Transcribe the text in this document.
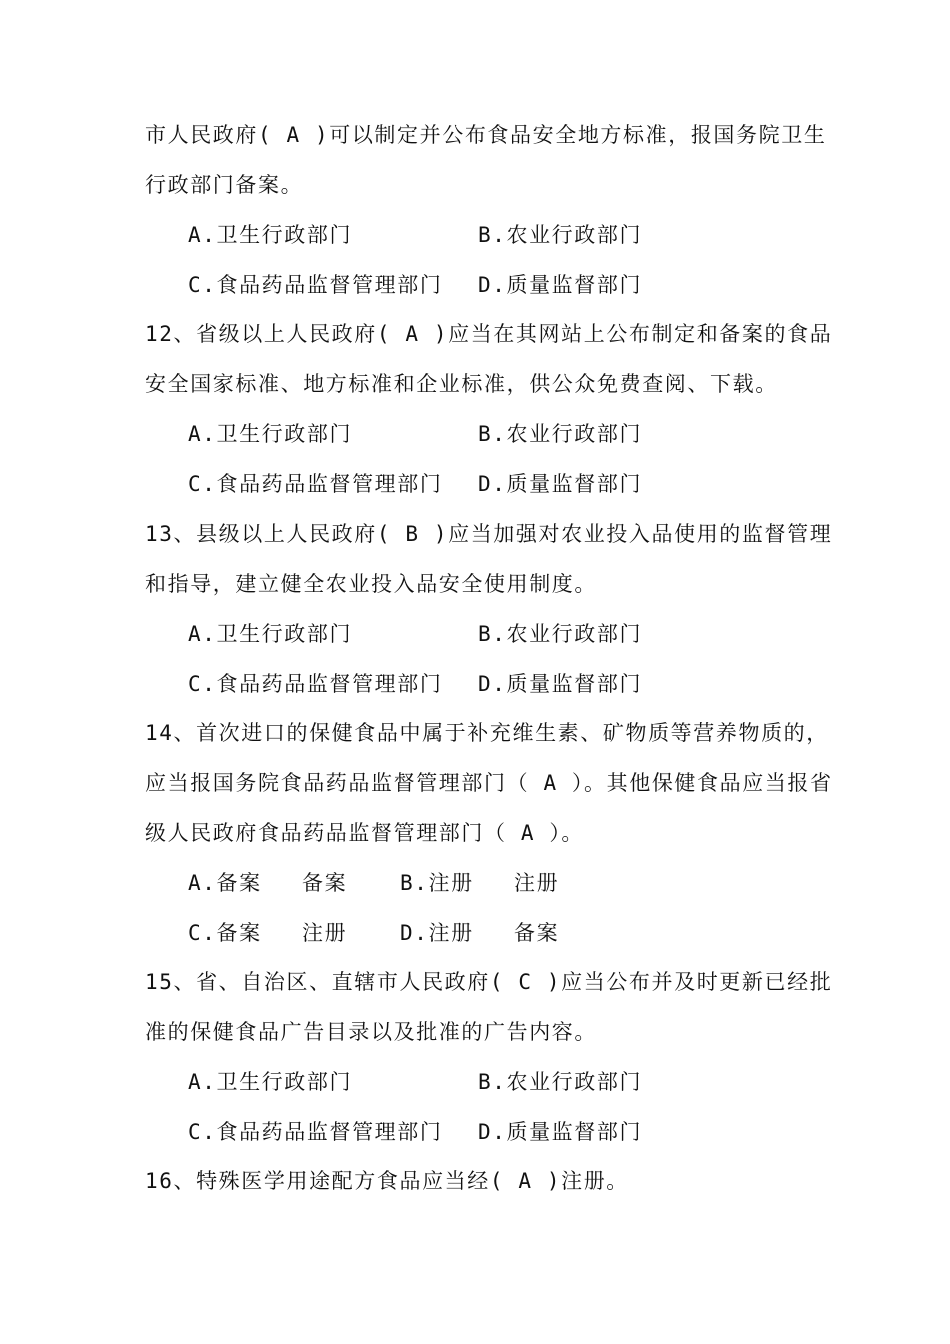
市人民政府( A )可以制定并公布食品安全地方标准，报国务院卫生
行政部门备案。
A.卫生行政部门	B.农业行政部门
C.食品药品监督管理部门 D.质量监督部门
12、省级以上人民政府( A )应当在其网站上公布制定和备案的食品
安全国家标准、地方标准和企业标准，供公众免费查阅、下载。
A.卫生行政部门	B.农业行政部门
C.食品药品监督管理部门 D.质量监督部门
13、县级以上人民政府( B )应当加强对农业投入品使用的监督管理
和指导，建立健全农业投入品安全使用制度。
A.卫生行政部门	B.农业行政部门
C.食品药品监督管理部门 D.质量监督部门
14、首次进口的保健食品中属于补充维生素、矿物质等营养物质的，
应当报国务院食品药品监督管理部门（ A ）。其他保健食品应当报省
级人民政府食品药品监督管理部门（ A ）。
A.备案 备案	B.注册 注册
C.备案 注册	D.注册 备案
15、省、自治区、直辖市人民政府( C )应当公布并及时更新已经批
准的保健食品广告目录以及批准的广告内容。
A.卫生行政部门	B.农业行政部门
C.食品药品监督管理部门 D.质量监督部门
16、特殊医学用途配方食品应当经( A )注册。
